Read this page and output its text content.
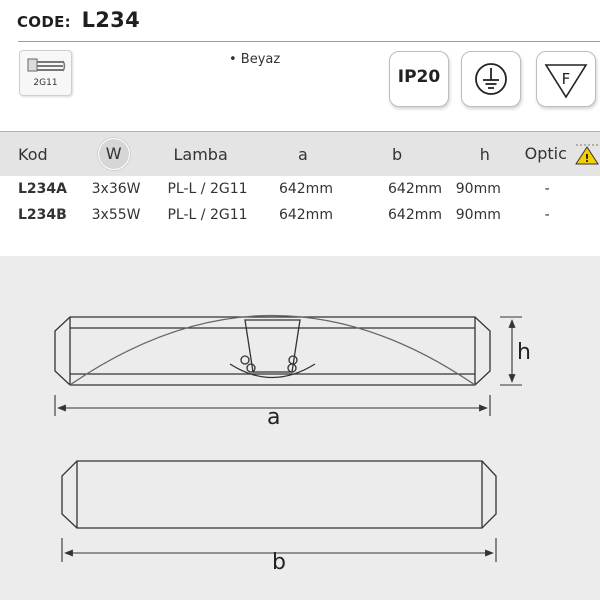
CODE: L234
2G11
• Beyaz
IP20	F
Kod	W	Lamba	a	b	h	Optic !

L234A	3x36W	PL-L / 2G11	642mm	642mm	90mm	-
L234B	3x55W	PL-L / 2G11	642mm	642mm	90mm	-
h
a
b
